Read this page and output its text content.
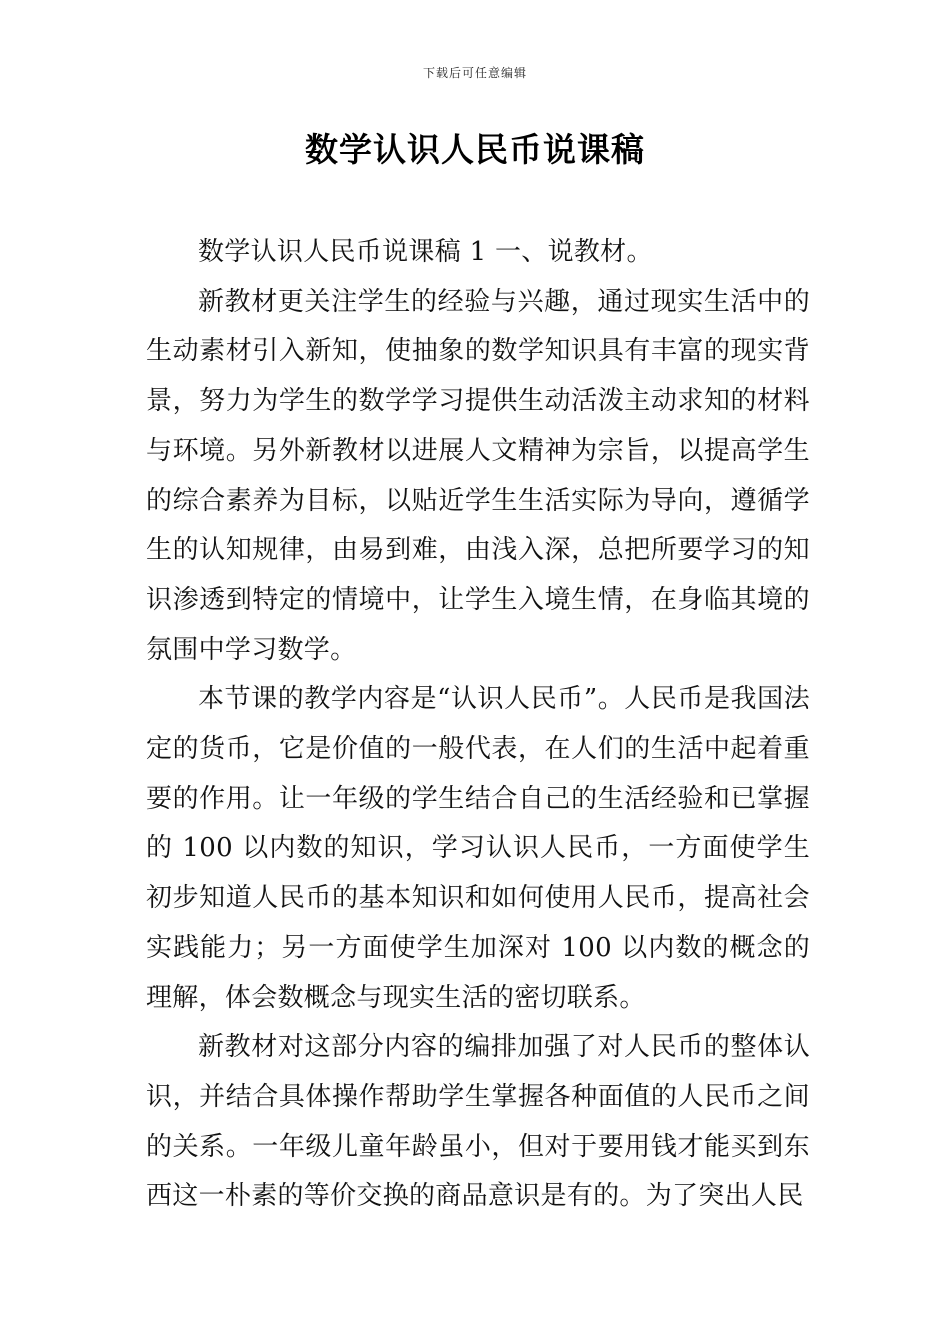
下载后可任意编辑
数学认识人民币说课稿

数学认识人民币说课稿 1 一、说教材。

新教材更关注学生的经验与兴趣，通过现实生活中的生动素材引入新知，使抽象的数学知识具有丰富的现实背景，努力为学生的数学学习提供生动活泼主动求知的材料与环境。另外新教材以进展人文精神为宗旨，以提高学生的综合素养为目标，以贴近学生生活实际为导向，遵循学生的认知规律，由易到难，由浅入深，总把所要学习的知识渗透到特定的情境中，让学生入境生情，在身临其境的氛围中学习数学。

本节课的教学内容是“认识人民币”。人民币是我国法定的货币，它是价值的一般代表，在人们的生活中起着重要的作用。让一年级的学生结合自己的生活经验和已掌握的 100 以内数的知识，学习认识人民币，一方面使学生初步知道人民币的基本知识和如何使用人民币，提高社会实践能力；另一方面使学生加深对 100 以内数的概念的理解，体会数概念与现实生活的密切联系。

新教材对这部分内容的编排加强了对人民币的整体认识，并结合具体操作帮助学生掌握各种面值的人民币之间的关系。一年级儿童年龄虽小，但对于要用钱才能买到东西这一朴素的等价交换的商品意识是有的。为了突出人民
